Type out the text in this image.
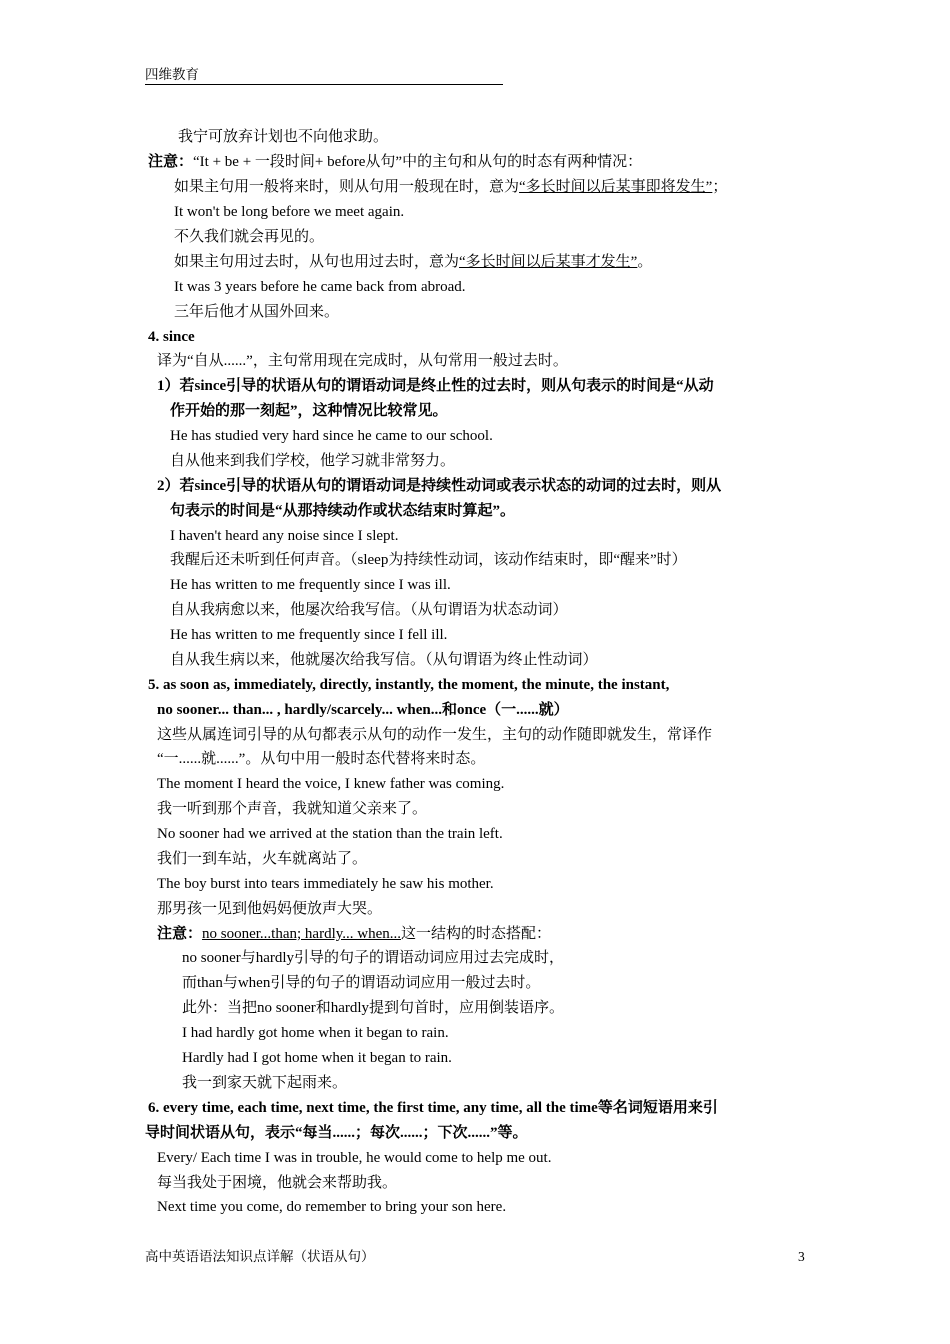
四维教育
我宁可放弃计划也不向他求助。
注意：“It + be + 一段时间+ before从句”中的主句和从句的时态有两种情况：
如果主句用一般将来时，则从句用一般现在时，意为“多长时间以后某事即将发生”；
It won't be long before we meet again.
不久我们就会再见的。
如果主句用过去时，从句也用过去时，意为“多长时间以后某事才发生”。
It was 3 years before he came back from abroad.
三年后他才从国外回来。
4. since
译为“自从......”，主句常用现在完成时，从句常用一般过去时。
1）若since引导的状语从句的谓语动词是终止性的过去时，则从句表示的时间是“从动
作开始的那一刻起”，这种情况比较常见。
He has studied very hard since he came to our school.
自从他来到我们学校，他学习就非常努力。
2）若since引导的状语从句的谓语动词是持续性动词或表示状态的动词的过去时，则从
句表示的时间是“从那持续动作或状态结束时算起”。
I haven't heard any noise since I slept.
我醒后还未听到任何声音。（sleep为持续性动词，该动作结束时，即“醒来”时）
He has written to me frequently since I was ill.
自从我病愈以来，他屡次给我写信。（从句谓语为状态动词）
He has written to me frequently since I fell ill.
自从我生病以来，他就屡次给我写信。（从句谓语为终止性动词）
5. as soon as, immediately, directly, instantly, the moment, the minute, the instant,
no sooner... than... , hardly/scarcely... when...和once（一......就）
这些从属连词引导的从句都表示从句的动作一发生，主句的动作随即就发生，常译作
“一......就......”。从句中用一般时态代替将来时态。
The moment I heard the voice, I knew father was coming.
我一听到那个声音，我就知道父亲来了。
No sooner had we arrived at the station than the train left.
我们一到车站，火车就离站了。
The boy burst into tears immediately he saw his mother.
那男孩一见到他妈妈便放声大哭。
注意：no sooner...than; hardly... when...这一结构的时态搭配：
no sooner与hardly引导的句子的谓语动词应用过去完成时，
而than与when引导的句子的谓语动词应用一般过去时。
此外：当把no sooner和hardly提到句首时，应用倒装语序。
I had hardly got home when it began to rain.
Hardly had I got home when it began to rain.
我一到家天就下起雨来。
6. every time, each time, next time, the first time, any time, all the time等名词短语用来引
导时间状语从句，表示“每当......；每次......；下次......”等。
Every/ Each time I was in trouble, he would come to help me out.
每当我处于困境，他就会来帮助我。
Next time you come, do remember to bring your son here.
高中英语语法知识点详解（状语从句）	3
